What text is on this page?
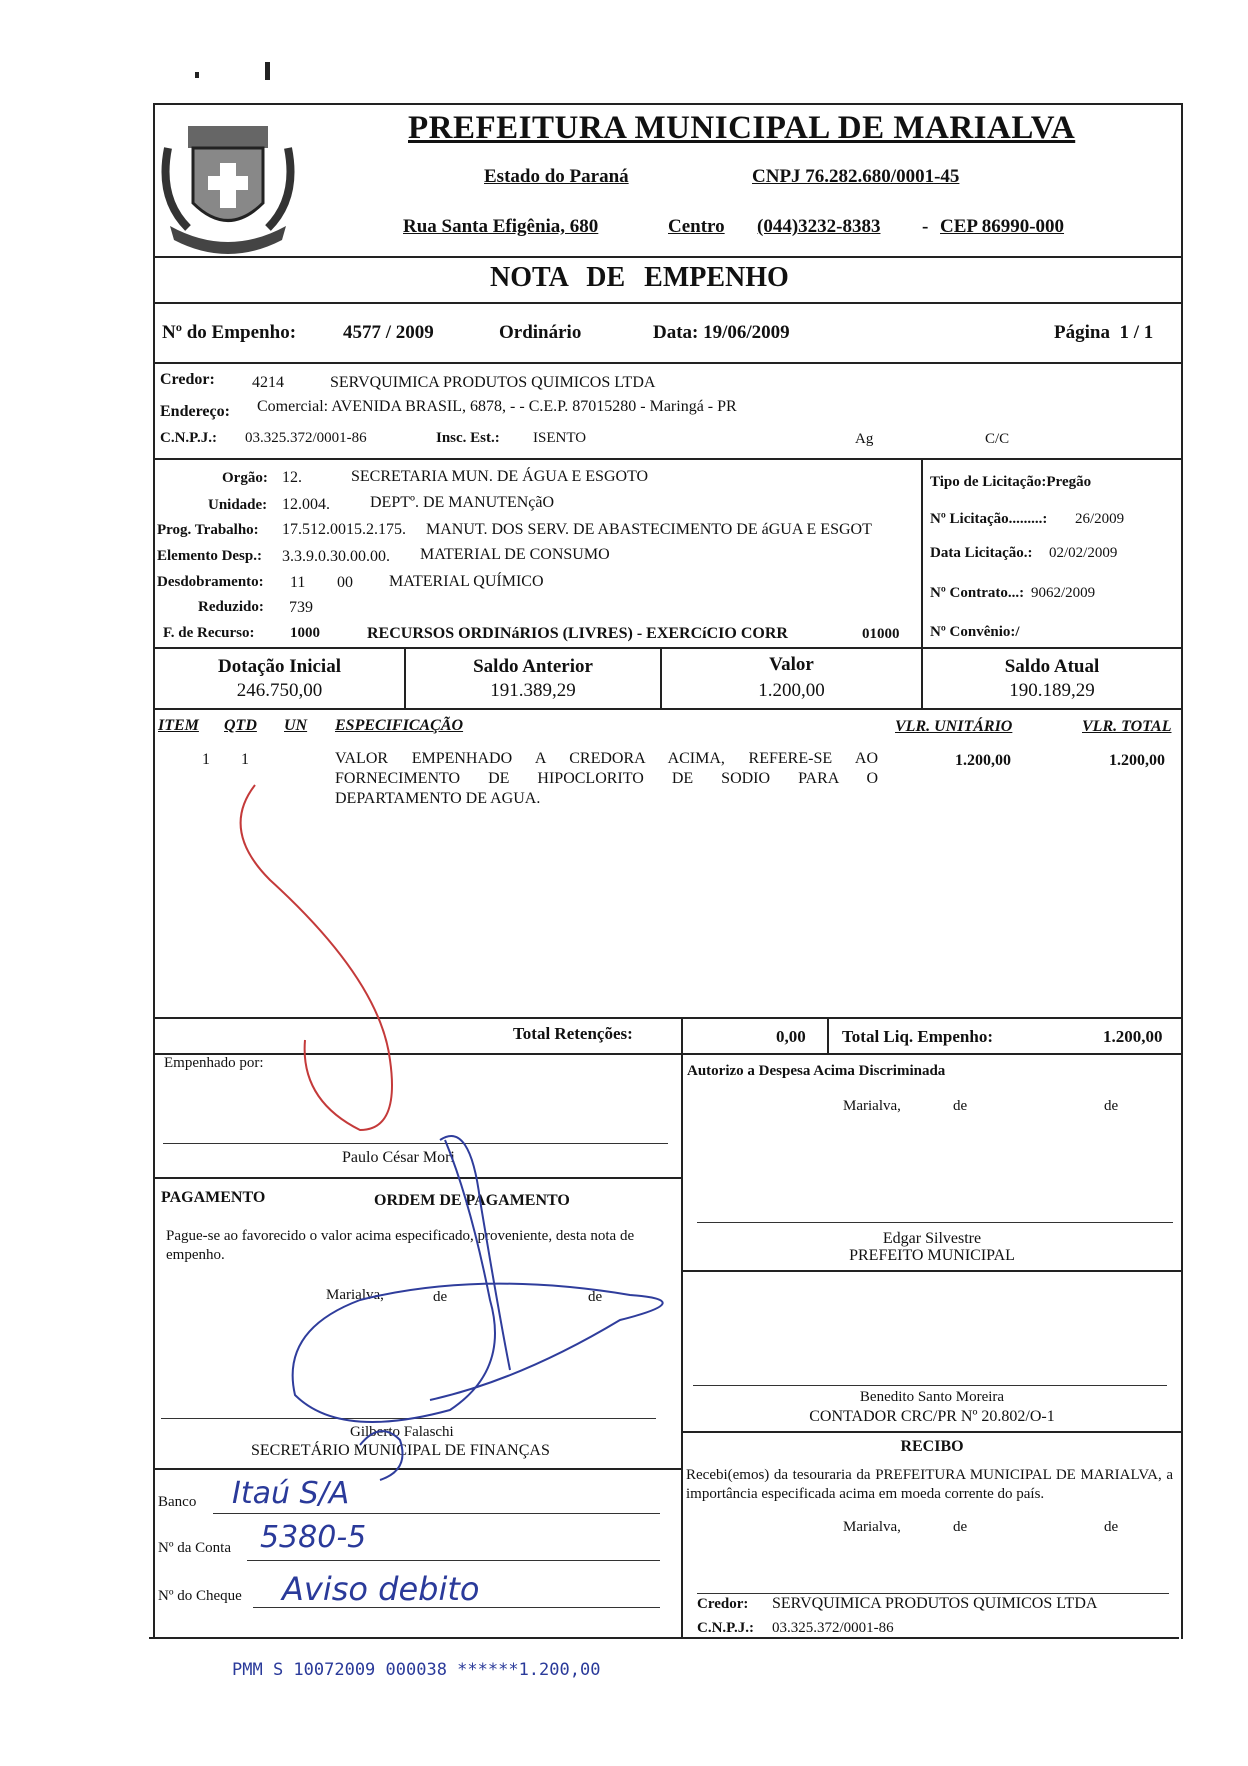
PREFEITURA MUNICIPAL DE MARIALVA
Estado do Paraná	CNPJ 76.282.680/0001-45
Rua Santa Efigênia, 680	Centro (044)3232-8383 - CEP 86990-000
NOTA DE EMPENHO
Nº do Empenho: 4577 / 2009	Ordinário	Data: 19/06/2009	Página  1 / 1
Credor: 4214	SERVQUIMICA PRODUTOS QUIMICOS LTDA
Endereço: Comercial: AVENIDA BRASIL, 6878, - - C.E.P. 87015280 - Maringá - PR
C.N.P.J.: 03.325.372/0001-86	Insc. Est.: ISENTO	Ag	C/C
Orgão: 12.	SECRETARIA MUN. DE ÁGUA E ESGOTO
Unidade: 12.004.	DEPTº. DE MANUTENçãO
Prog. Trabalho: 17.512.0015.2.175. MANUT. DOS SERV. DE ABASTECIMENTO DE áGUA E ESGOT
Elemento Desp.: 3.3.9.0.30.00.00. MATERIAL DE CONSUMO
Desdobramento: 11 00 MATERIAL QUÍMICO
Reduzido: 739
F. de Recurso: 1000	RECURSOS ORDINáRIOS (LIVRES) - EXERCíCIO CORR	01000
Tipo de Licitação:Pregão
Nº Licitação.........: 26/2009
Data Licitação.: 02/02/2009
Nº Contrato...: 9062/2009
Nº Convênio:/
Dotação Inicial
246.750,00
Saldo Anterior
191.389,29
Valor
1.200,00
Saldo Atual
190.189,29
ITEM QTD UN ESPECIFICAÇÃO	VLR. UNITÁRIO	VLR. TOTAL
1 1	VALOR EMPENHADO A CREDORA ACIMA, REFERE-SE AO
FORNECIMENTO DE HIPOCLORITO DE SODIO PARA O
DEPARTAMENTO DE AGUA.
1.200,00	1.200,00
Total Retenções:	0,00 Total Liq. Empenho:	1.200,00
Empenhado por:
Paulo César Mori
Autorizo a Despesa Acima Discriminada
Marialva,	de	de
Edgar Silvestre
PREFEITO MUNICIPAL
PAGAMENTO	ORDEM DE PAGAMENTO
Pague-se ao favorecido o valor acima especificado, proveniente, desta nota de empenho.
Marialva,	de	de
Gilberto Falaschi
SECRETÁRIO MUNICIPAL DE FINANÇAS
Benedito Santo Moreira
CONTADOR CRC/PR Nº 20.802/O-1
RECIBO
Recebi(emos) da tesouraria da PREFEITURA MUNICIPAL DE MARIALVA, a importância especificada acima em moeda corrente do país.
Marialva,	de	de
Credor: SERVQUIMICA PRODUTOS QUIMICOS LTDA
C.N.P.J.: 03.325.372/0001-86
Banco Itaú S/A
Nº da Conta 5380-5
Nº do Cheque Aviso debito
PMM S 10072009 000038 ******1.200,00
